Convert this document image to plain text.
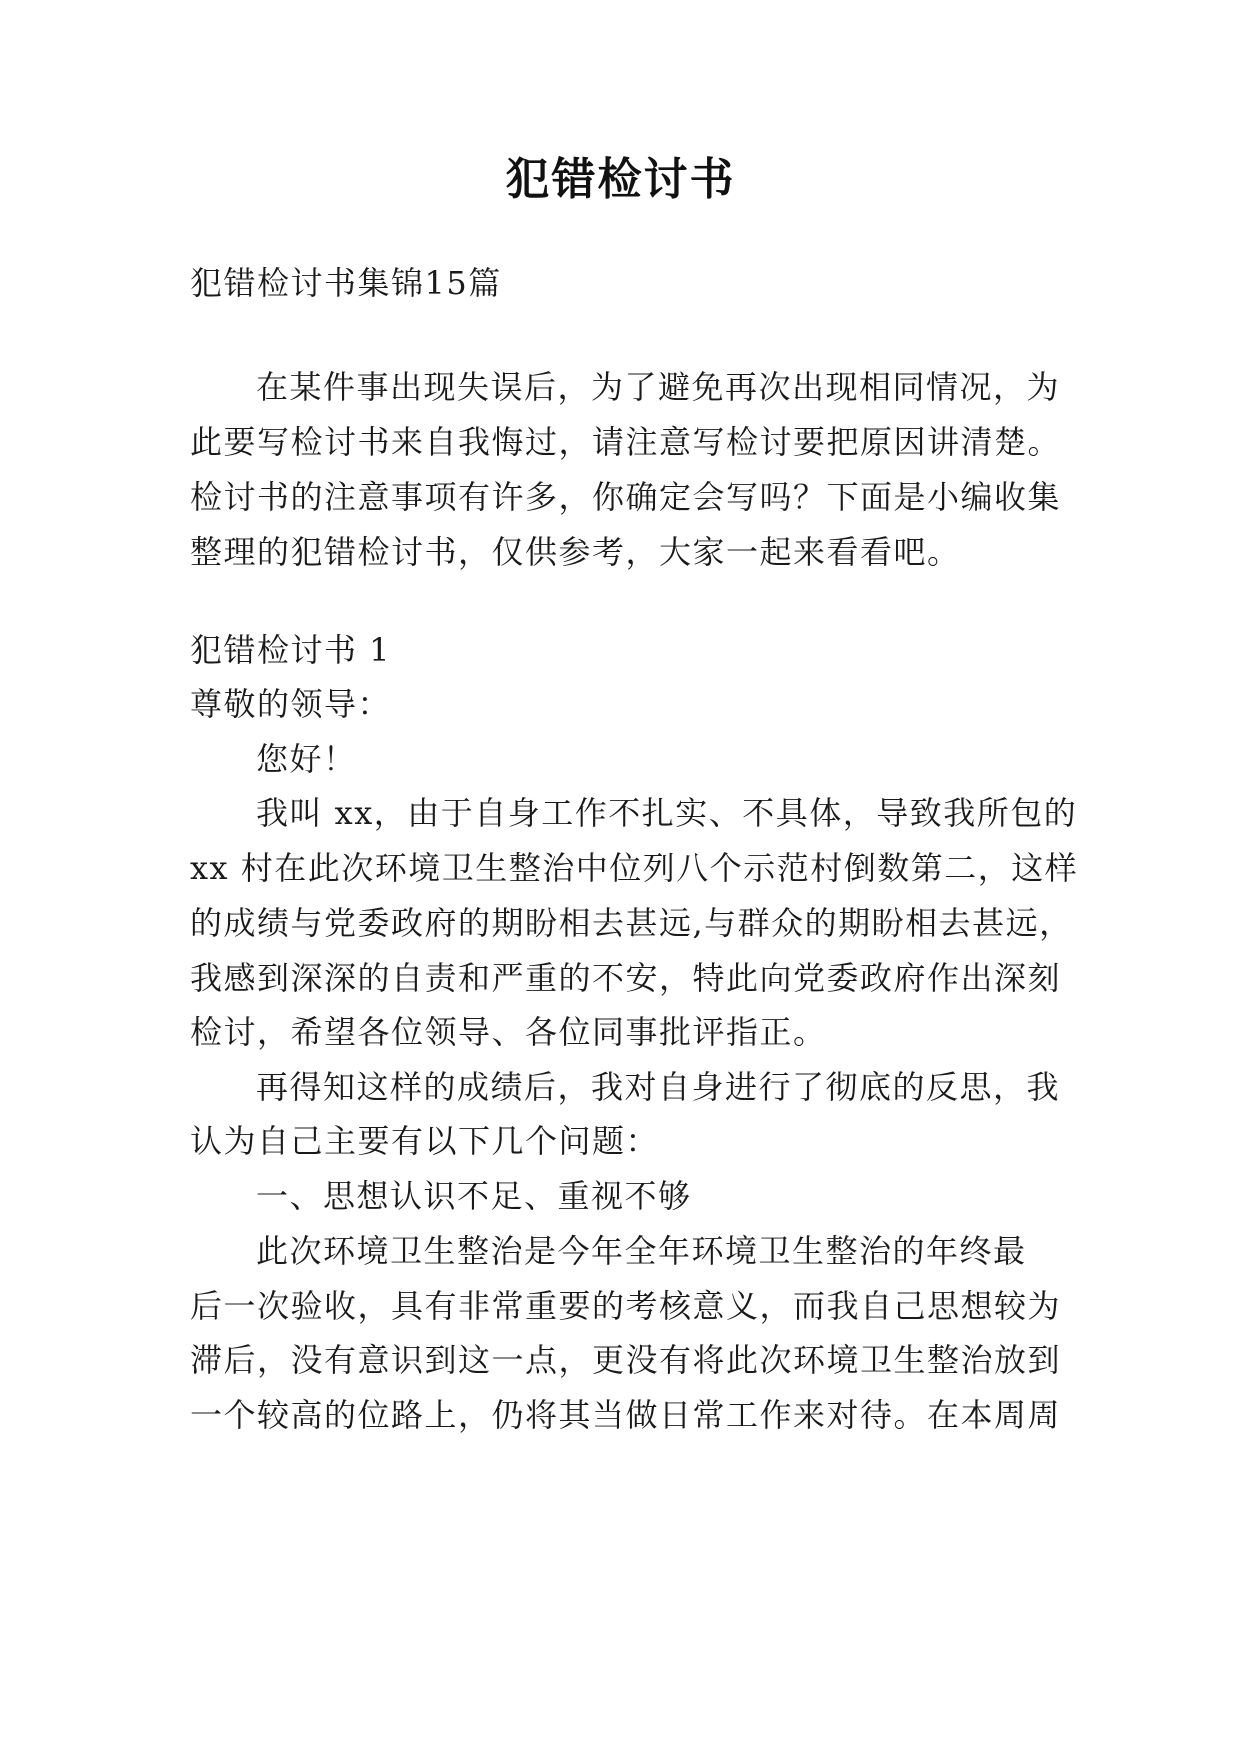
犯错检讨书
犯错检讨书集锦15篇
在某件事出现失误后，为了避免再次出现相同情况，为
此要写检讨书来自我悔过，请注意写检讨要把原因讲清楚。
检讨书的注意事项有许多，你确定会写吗？下面是小编收集
整理的犯错检讨书，仅供参考，大家一起来看看吧。
犯错检讨书 1
尊敬的领导：
您好！
我叫 xx，由于自身工作不扎实、不具体，导致我所包的
xx 村在此次环境卫生整治中位列八个示范村倒数第二，这样
的成绩与党委政府的期盼相去甚远,与群众的期盼相去甚远，
我感到深深的自责和严重的不安，特此向党委政府作出深刻
检讨，希望各位领导、各位同事批评指正。
再得知这样的成绩后，我对自身进行了彻底的反思，我
认为自己主要有以下几个问题：
一、思想认识不足、重视不够
此次环境卫生整治是今年全年环境卫生整治的年终最
后一次验收，具有非常重要的考核意义，而我自己思想较为
滞后，没有意识到这一点，更没有将此次环境卫生整治放到
一个较高的位路上，仍将其当做日常工作来对待。在本周周
